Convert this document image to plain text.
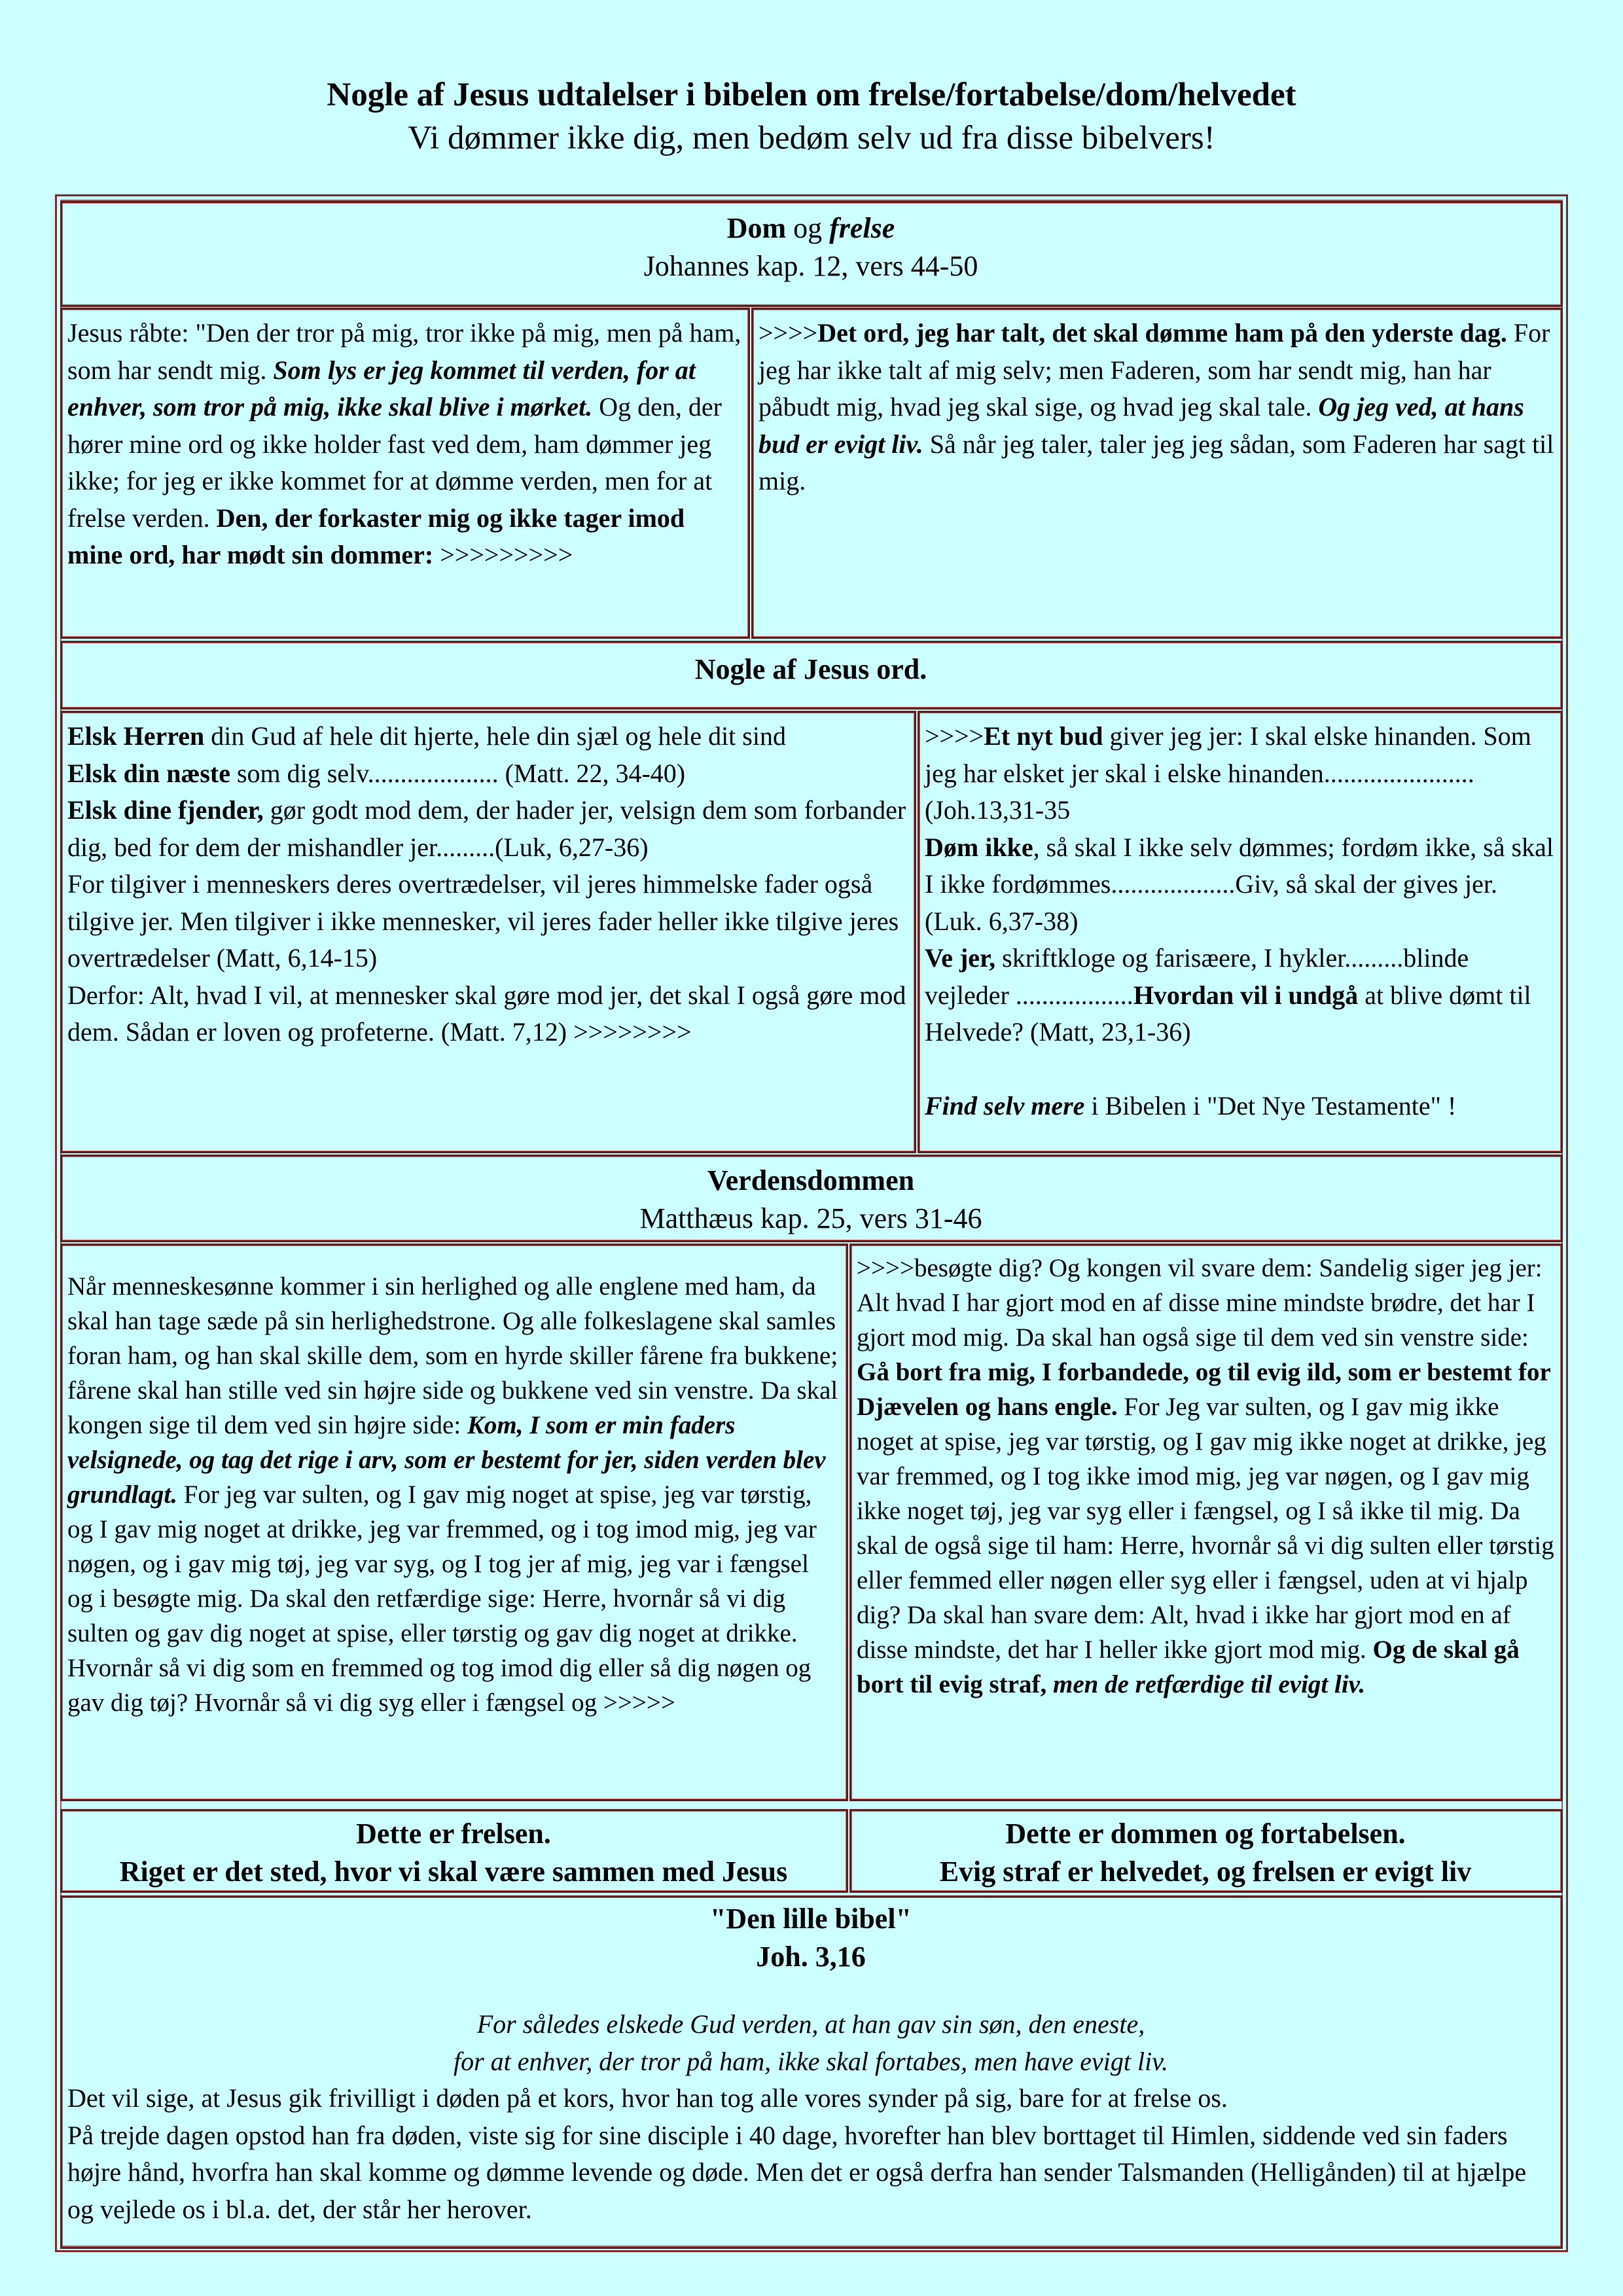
Nogle af Jesus udtalelser i bibelen om frelse/fortabelse/dom/helvedet

Vi dømmer ikke dig, men bedøm selv ud fra disse bibelvers!

Dom og frelse
Johannes kap. 12, vers 44-50
Jesus råbte: "Den der tror på mig, tror ikke på mig, men på ham, som har sendt mig. Som lys er jeg kommet til verden, for at enhver, som tror på mig, ikke skal blive i mørket. Og den, der hører mine ord og ikke holder fast ved dem, ham dømmer jeg ikke; for jeg er ikke kommet for at dømme verden, men for at frelse verden. Den, der forkaster mig og ikke tager imod mine ord, har mødt sin dommer: >>>>>>>>>
>>>>Det ord, jeg har talt, det skal dømme ham på den yderste dag. For jeg har ikke talt af mig selv; men Faderen, som har sendt mig, han har påbudt mig, hvad jeg skal sige, og hvad jeg skal tale. Og jeg ved, at hans bud er evigt liv. Så når jeg taler, taler jeg jeg sådan, som Faderen har sagt til mig.
Nogle af Jesus ord.
Elsk Herren din Gud af hele dit hjerte, hele din sjæl og hele dit sind
Elsk din næste som dig selv.................... (Matt. 22, 34-40)
Elsk dine fjender, gør godt mod dem, der hader jer, velsign dem som forbander dig, bed for dem der mishandler jer.........(Luk, 6,27-36)
For tilgiver i menneskers deres overtrædelser, vil jeres himmelske fader også tilgive jer. Men tilgiver i ikke mennesker, vil jeres fader heller ikke tilgive jeres overtrædelser (Matt, 6,14-15)
Derfor: Alt, hvad I vil, at mennesker skal gøre mod jer, det skal I også gøre mod dem. Sådan er loven og profeterne. (Matt. 7,12) >>>>>>>>
>>>>Et nyt bud giver jeg jer: I skal elske hinanden. Som jeg har elsket jer skal i elske hinanden.......................(Joh.13,31-35
Døm ikke, så skal I ikke selv dømmes; fordøm ikke, så skal I ikke fordømmes...................Giv, så skal der gives jer. (Luk. 6,37-38)
Ve jer, skriftkloge og farisæere, I hykler.........blinde vejleder ..................Hvordan vil i undgå at blive dømt til Helvede? (Matt, 23,1-36)

Find selv mere i Bibelen i "Det Nye Testamente" !
Verdensdommen
Matthæus kap. 25, vers 31-46
Når menneskesønne kommer i sin herlighed og alle englene med ham, da skal han tage sæde på sin herlighedstrone. Og alle folkeslagene skal samles foran ham, og han skal skille dem, som en hyrde skiller fårene fra bukkene; fårene skal han stille ved sin højre side og bukkene ved sin venstre. Da skal kongen sige til dem ved sin højre side: Kom, I som er min faders velsignede, og tag det rige i arv, som er bestemt for jer, siden verden blev grundlagt. For jeg var sulten, og I gav mig noget at spise, jeg var tørstig, og I gav mig noget at drikke, jeg var fremmed, og i tog imod mig, jeg var nøgen, og i gav mig tøj, jeg var syg, og I tog jer af mig, jeg var i fængsel og i besøgte mig. Da skal den retfærdige sige: Herre, hvornår så vi dig sulten og gav dig noget at spise, eller tørstig og gav dig noget at drikke. Hvornår så vi dig som en fremmed og tog imod dig eller så dig nøgen og gav dig tøj? Hvornår så vi dig syg eller i fængsel og >>>>>
>>>>besøgte dig? Og kongen vil svare dem: Sandelig siger jeg jer: Alt hvad I har gjort mod en af disse mine mindste brødre, det har I gjort mod mig. Da skal han også sige til dem ved sin venstre side: Gå bort fra mig, I forbandede, og til evig ild, som er bestemt for Djævelen og hans engle. For Jeg var sulten, og I gav mig ikke noget at spise, jeg var tørstig, og I gav mig ikke noget at drikke, jeg var fremmed, og I tog ikke imod mig, jeg var nøgen, og I gav mig ikke noget tøj, jeg var syg eller i fængsel, og I så ikke til mig. Da skal de også sige til ham: Herre, hvornår så vi dig sulten eller tørstig eller femmed eller nøgen eller syg eller i fængsel, uden at vi hjalp dig? Da skal han svare dem: Alt, hvad i ikke har gjort mod en af disse mindste, det har I heller ikke gjort mod mig. Og de skal gå bort til evig straf, men de retfærdige til evigt liv.
Dette er frelsen.
Riget er det sted, hvor vi skal være sammen med Jesus
Dette er dommen og fortabelsen.
Evig straf er helvedet, og frelsen er evigt liv
"Den lille bibel"
Joh. 3,16
For således elskede Gud verden, at han gav sin søn, den eneste,
for at enhver, der tror på ham, ikke skal fortabes, men have evigt liv.
Det vil sige, at Jesus gik frivilligt i døden på et kors, hvor han tog alle vores synder på sig, bare for at frelse os.
På trejde dagen opstod han fra døden, viste sig for sine disciple i 40 dage, hvorefter han blev borttaget til Himlen, siddende ved sin faders højre hånd, hvorfra han skal komme og dømme levende og døde. Men det er også derfra han sender Talsmanden (Helligånden) til at hjælpe og vejlede os i bl.a. det, der står her herover.
